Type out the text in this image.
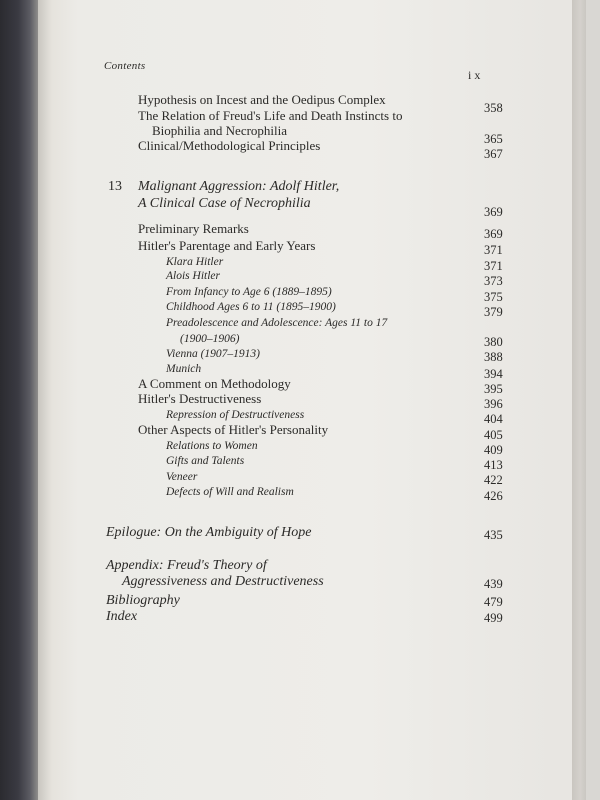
Contents
ix
Hypothesis on Incest and the Oedipus Complex
358
The Relation of Freud's Life and Death Instincts to
Biophilia and Necrophilia
365
Clinical/Methodological Principles
367
13 Malignant Aggression: Adolf Hitler,
A Clinical Case of Necrophilia
369
Preliminary Remarks	369
Hitler's Parentage and Early Years	371
Klara Hitler	371
Alois Hitler	373
From Infancy to Age 6 (1889–1895)	375
Childhood Ages 6 to 11 (1895–1900)	379
Preadolescence and Adolescence: Ages 11 to 17
(1900–1906)	380
Vienna (1907–1913)	388
Munich	394
A Comment on Methodology	395
Hitler's Destructiveness	396
Repression of Destructiveness	404
Other Aspects of Hitler's Personality	405
Relations to Women	409
Gifts and Talents	413
Veneer	422
Defects of Will and Realism	426
Epilogue: On the Ambiguity of Hope	435
Appendix: Freud's Theory of
Aggressiveness and Destructiveness	439
Bibliography	479
Index	499
